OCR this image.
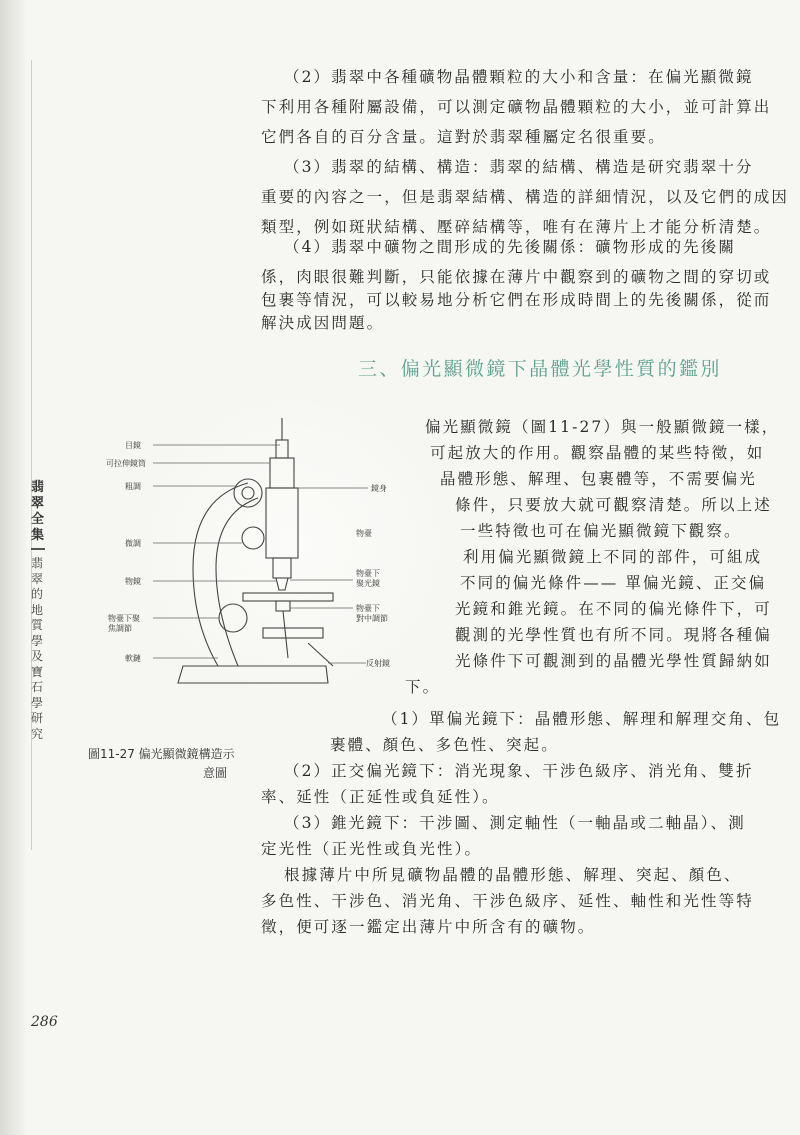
翡翠全集
翡翠的地質學及寶石學研究
286

（2）翡翠中各種礦物晶體顆粒的大小和含量：在偏光顯微鏡

下利用各種附屬設備，可以測定礦物晶體顆粒的大小，並可計算出

它們各自的百分含量。這對於翡翠種屬定名很重要。

（3）翡翠的結構、構造：翡翠的結構、構造是研究翡翠十分

重要的內容之一，但是翡翠結構、構造的詳細情況，以及它們的成因

類型，例如斑狀結構、壓碎結構等，唯有在薄片上才能分析清楚。

（4）翡翠中礦物之間形成的先後關係：礦物形成的先後關

係，肉眼很難判斷，只能依據在薄片中觀察到的礦物之間的穿切或

包裹等情況，可以較易地分析它們在形成時間上的先後關係，從而

解決成因問題。

三、偏光顯微鏡下晶體光學性質的鑑別
目鏡
可拉伸鏡筒
粗調	鏡身
微調
物臺
物鏡
物臺下聚光鏡
物臺下聚焦調節
物臺下對中調節
軟鏈
反射鏡

偏光顯微鏡（圖11-27）與一般顯微鏡一樣，

可起放大的作用。觀察晶體的某些特徵，如

晶體形態、解理、包裹體等，不需要偏光

條件，只要放大就可觀察清楚。所以上述

一些特徵也可在偏光顯微鏡下觀察。

利用偏光顯微鏡上不同的部件，可組成

不同的偏光條件—— 單偏光鏡、正交偏

光鏡和錐光鏡。在不同的偏光條件下，可

觀測的光學性質也有所不同。現將各種偏

光條件下可觀測到的晶體光學性質歸納如

下。

圖11-27 偏光顯微鏡構造示
意圖

（1）單偏光鏡下：晶體形態、解理和解理交角、包

裹體、顏色、多色性、突起。

（2）正交偏光鏡下：消光現象、干涉色級序、消光角、雙折

率、延性（正延性或負延性）。

（3）錐光鏡下：干涉圖、測定軸性（一軸晶或二軸晶）、測

定光性（正光性或負光性）。

根據薄片中所見礦物晶體的晶體形態、解理、突起、顏色、

多色性、干涉色、消光角、干涉色級序、延性、軸性和光性等特

徵，便可逐一鑑定出薄片中所含有的礦物。
